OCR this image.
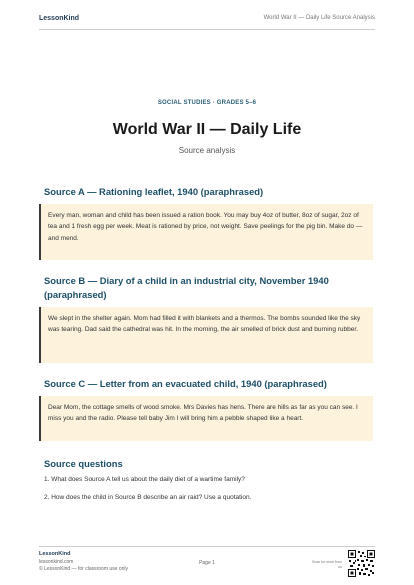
LessonKind	World War II — Daily Life Source Analysis
SOCIAL STUDIES · GRADES 5–6
World War II — Daily Life
Source analysis
Source A — Rationing leaflet, 1940 (paraphrased)
Every man, woman and child has been issued a ration book. You may buy 4oz of butter, 8oz of sugar, 2oz of tea and 1 fresh egg per week. Meat is rationed by price, not weight. Save peelings for the pig bin. Make do — and mend.
Source B — Diary of a child in an industrial city, November 1940 (paraphrased)
We slept in the shelter again. Mom had filled it with blankets and a thermos. The bombs sounded like the sky was tearing. Dad said the cathedral was hit. In the morning, the air smelled of brick dust and burning rubber.
Source C — Letter from an evacuated child, 1940 (paraphrased)
Dear Mom, the cottage smells of wood smoke. Mrs Davies has hens. There are hills as far as you can see. I miss you and the radio. Please tell baby Jim I will bring him a pebble shaped like a heart.
Source questions
1. What does Source A tell us about the daily diet of a wartime family?
2. How does the child in Source B describe an air raid? Use a quotation.
LessonKind
lessonkind.com
© LessonKind — for classroom use only
Page 1	Scan for more from us
